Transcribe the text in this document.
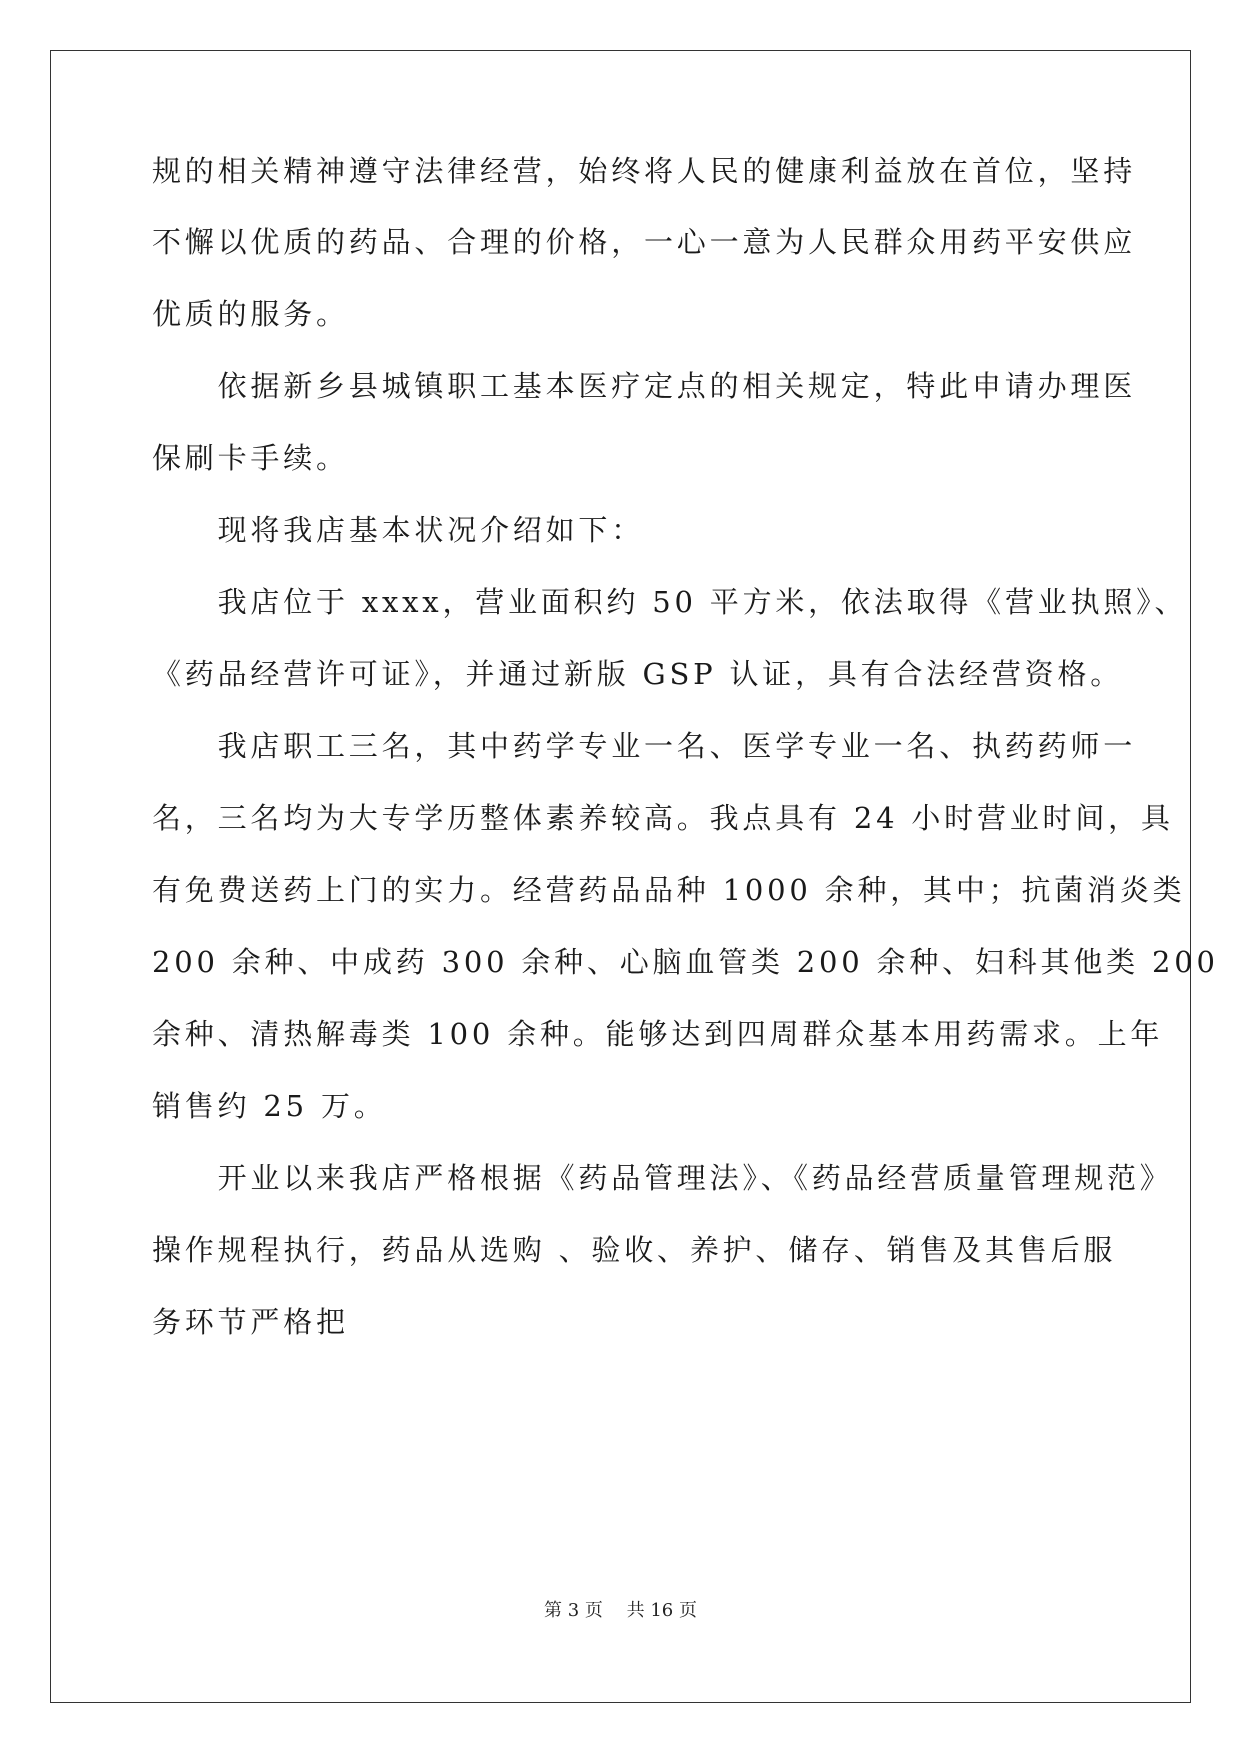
规的相关精神遵守法律经营，始终将人民的健康利益放在首位，坚持
不懈以优质的药品、合理的价格，一心一意为人民群众用药平安供应
优质的服务。
　　依据新乡县城镇职工基本医疗定点的相关规定，特此申请办理医
保刷卡手续。
　　现将我店基本状况介绍如下：
　　我店位于 xxxx，营业面积约 50 平方米，依法取得《营业执照》、
《药品经营许可证》，并通过新版 GSP 认证，具有合法经营资格。
　　我店职工三名，其中药学专业一名、医学专业一名、执药药师一
名，三名均为大专学历整体素养较高。我点具有 24 小时营业时间，具
有免费送药上门的实力。经营药品品种 1000 余种，其中；抗菌消炎类
200 余种、中成药 300 余种、心脑血管类 200 余种、妇科其他类 200
余种、清热解毒类 100 余种。能够达到四周群众基本用药需求。上年
销售约 25 万。
　　开业以来我店严格根据《药品管理法》、《药品经营质量管理规范》
操作规程执行，药品从选购 、验收、养护、储存、销售及其售后服
务环节严格把
第 3 页　 共 16 页
